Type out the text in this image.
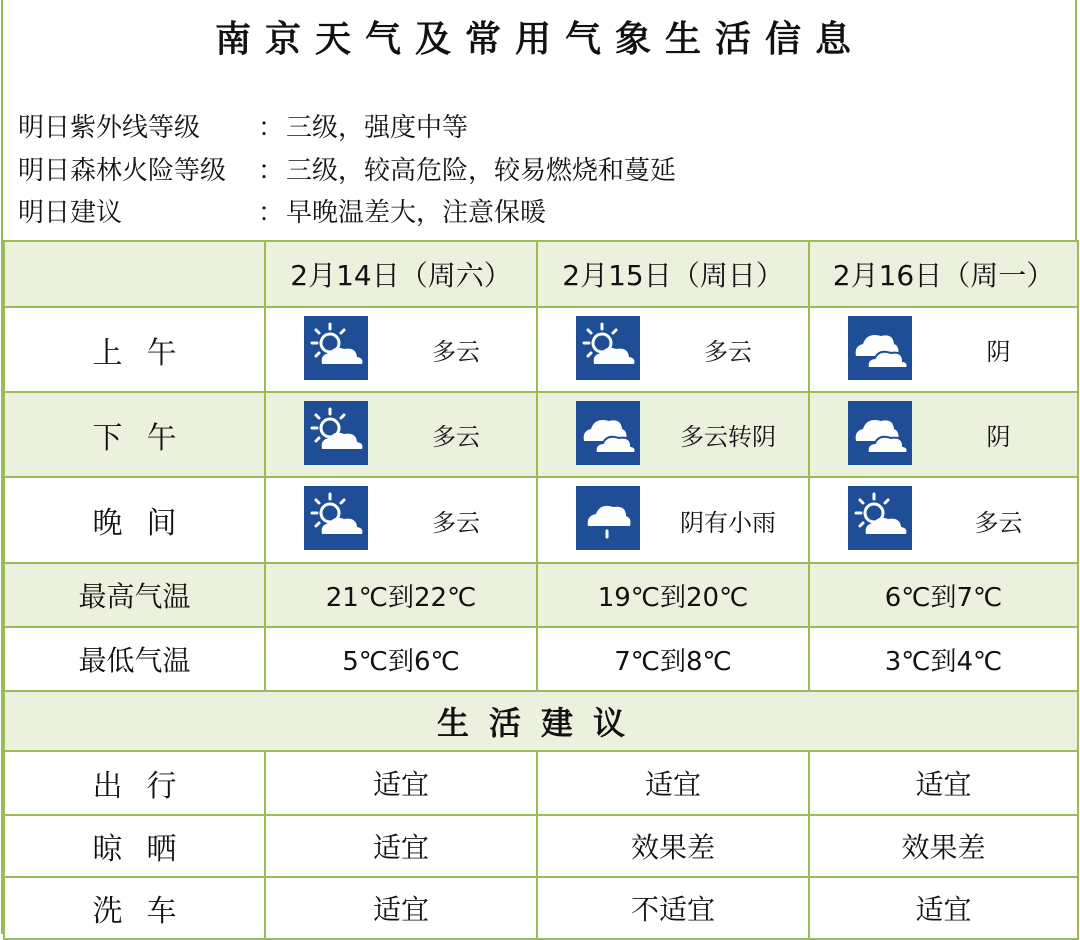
南京天气及常用气象生活信息
明日紫外线等级 ： 三级，强度中等
明日森林火险等级 ： 三级，较高危险，较易燃烧和蔓延
明日建议	： 早晚温差大，注意保暖
	2月14日（周六）	2月15日（周日）	2月16日（周一）
上午	多云	多云	阴

下午	多云	多云转阴	阴

晚间	多云	阴有小雨	多云

最高气温	21℃到22℃	19℃到20℃	6℃到7℃
最低气温	5℃到6℃	7℃到8℃	3℃到4℃
生活建议			
出行	适宜	适宜	适宜
晾晒	适宜	效果差	效果差
洗车	适宜	不适宜	适宜
